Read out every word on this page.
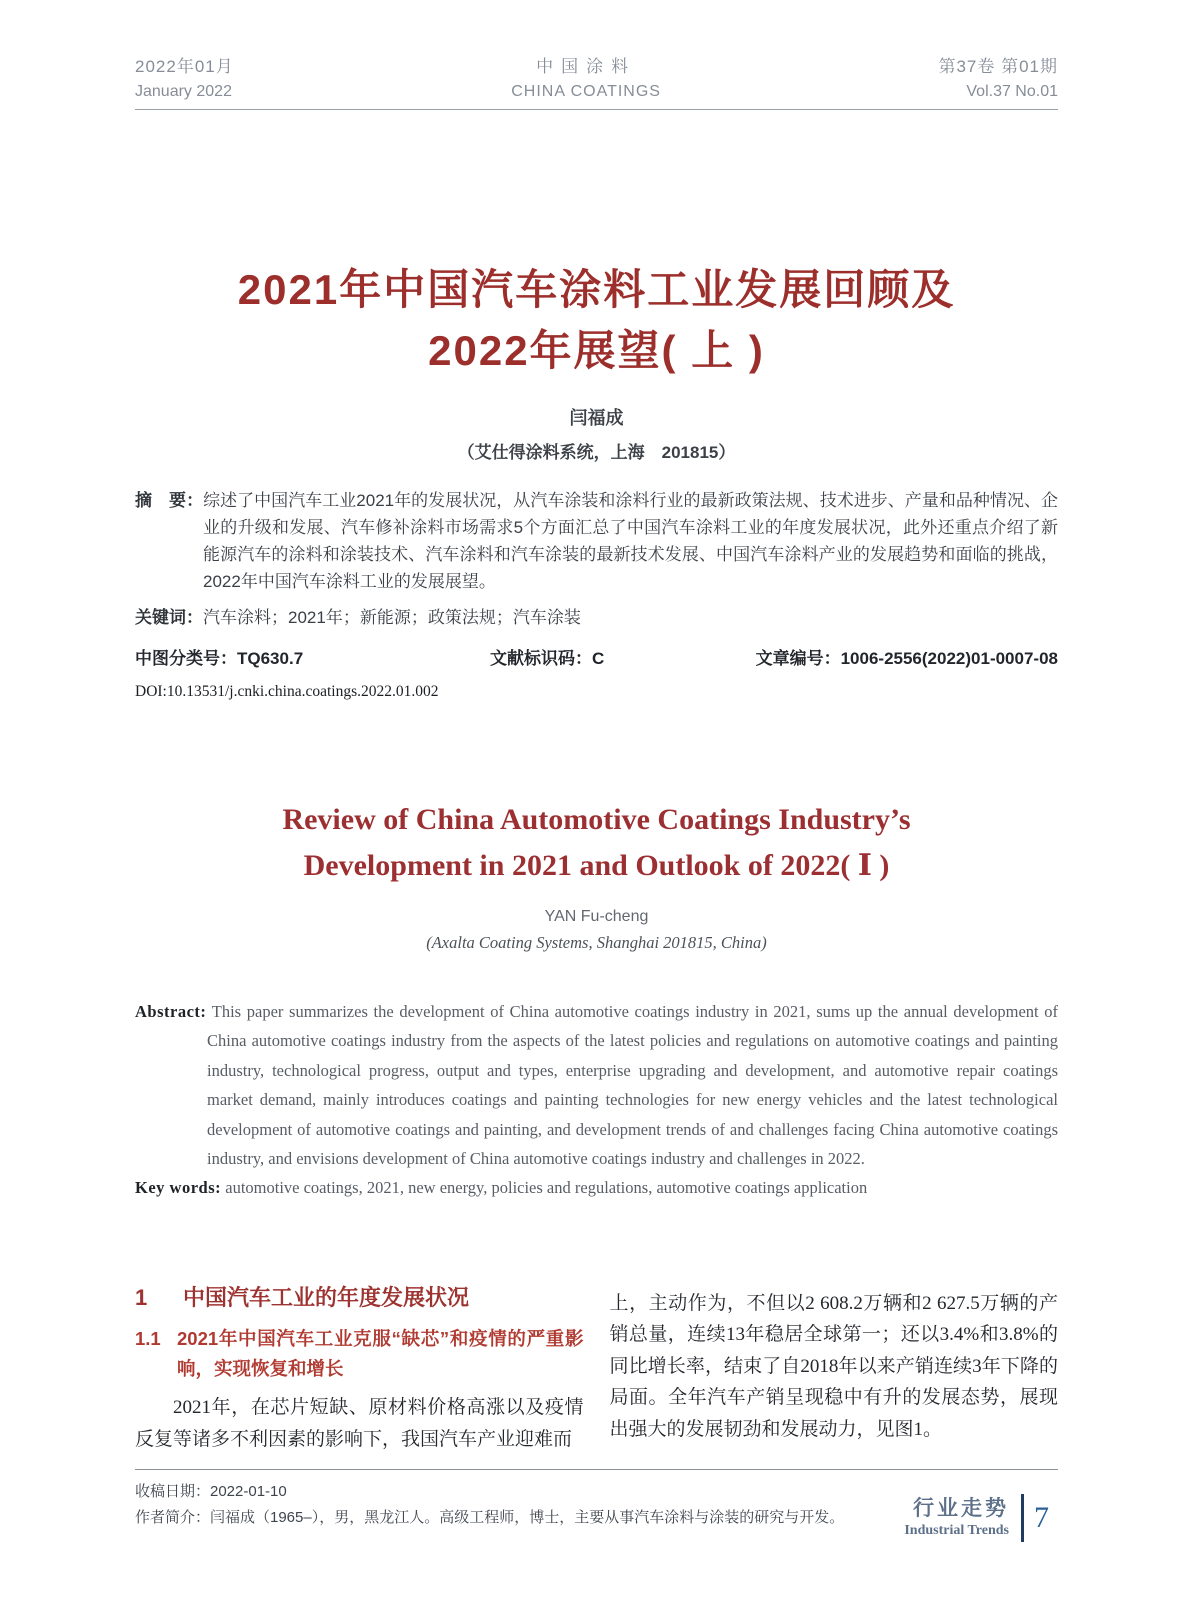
2022年01月
January 2022
中国涂料
CHINA COATINGS
第37卷 第01期
Vol.37 No.01
2021年中国汽车涂料工业发展回顾及
2022年展望( 上 )
闫福成
（艾仕得涂料系统，上海　201815）

摘　要：综述了中国汽车工业2021年的发展状况，从汽车涂装和涂料行业的最新政策法规、技术进步、产量和品种情况、企业的升级和发展、汽车修补涂料市场需求5个方面汇总了中国汽车涂料工业的年度发展状况，此外还重点介绍了新能源汽车的涂料和涂装技术、汽车涂料和汽车涂装的最新技术发展、中国汽车涂料产业的发展趋势和面临的挑战，2022年中国汽车涂料工业的发展展望。

关键词：汽车涂料；2021年；新能源；政策法规；汽车涂装

中图分类号：TQ630.7	文献标识码：C	文章编号：1006-2556(2022)01-0007-08
DOI:10.13531/j.cnki.china.coatings.2022.01.002
Review of China Automotive Coatings Industry’s
Development in 2021 and Outlook of 2022( Ⅰ )
YAN Fu-cheng
(Axalta Coating Systems, Shanghai 201815, China)

Abstract: This paper summarizes the development of China automotive coatings industry in 2021, sums up the annual development of China automotive coatings industry from the aspects of the latest policies and regulations on automotive coatings and painting industry, technological progress, output and types, enterprise upgrading and development, and automotive repair coatings market demand, mainly introduces coatings and painting technologies for new energy vehicles and the latest technological development of automotive coatings and painting, and development trends of and challenges facing China automotive coatings industry, and envisions development of China automotive coatings industry and challenges in 2022.

Key words: automotive coatings, 2021, new energy, policies and regulations, automotive coatings application

1	中国汽车工业的年度发展状况
1.1 2021年中国汽车工业克服“缺芯”和疫情的严重影响，实现恢复和增长

2021年，在芯片短缺、原材料价格高涨以及疫情反复等诸多不利因素的影响下，我国汽车产业迎难而

上，主动作为，不但以2 608.2万辆和2 627.5万辆的产销总量，连续13年稳居全球第一；还以3.4%和3.8%的同比增长率，结束了自2018年以来产销连续3年下降的局面。全年汽车产销呈现稳中有升的发展态势，展现出强大的发展韧劲和发展动力，见图1。

收稿日期：2022-01-10
作者简介：闫福成（1965–），男，黑龙江人。高级工程师，博士，主要从事汽车涂料与涂装的研究与开发。	行业走势
Industrial Trends 7
